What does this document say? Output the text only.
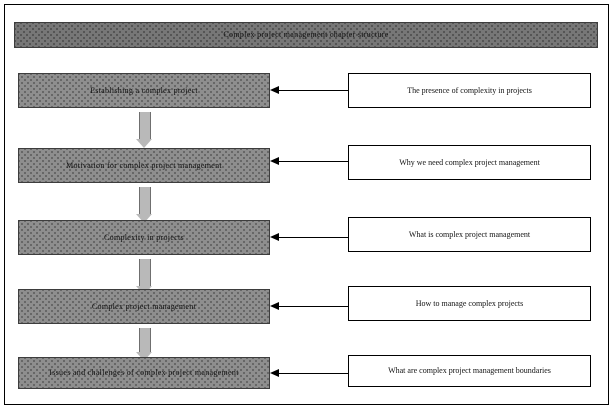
Complex project management chapter structure
Establishing a complex project	The presence of complexity in projects
Motivation for complex project management	Why we need complex project management
Complexity in projects	What is complex project management
Complex project management	How to manage complex projects
Issues and challenges of complex project management	What are complex project management boundaries
